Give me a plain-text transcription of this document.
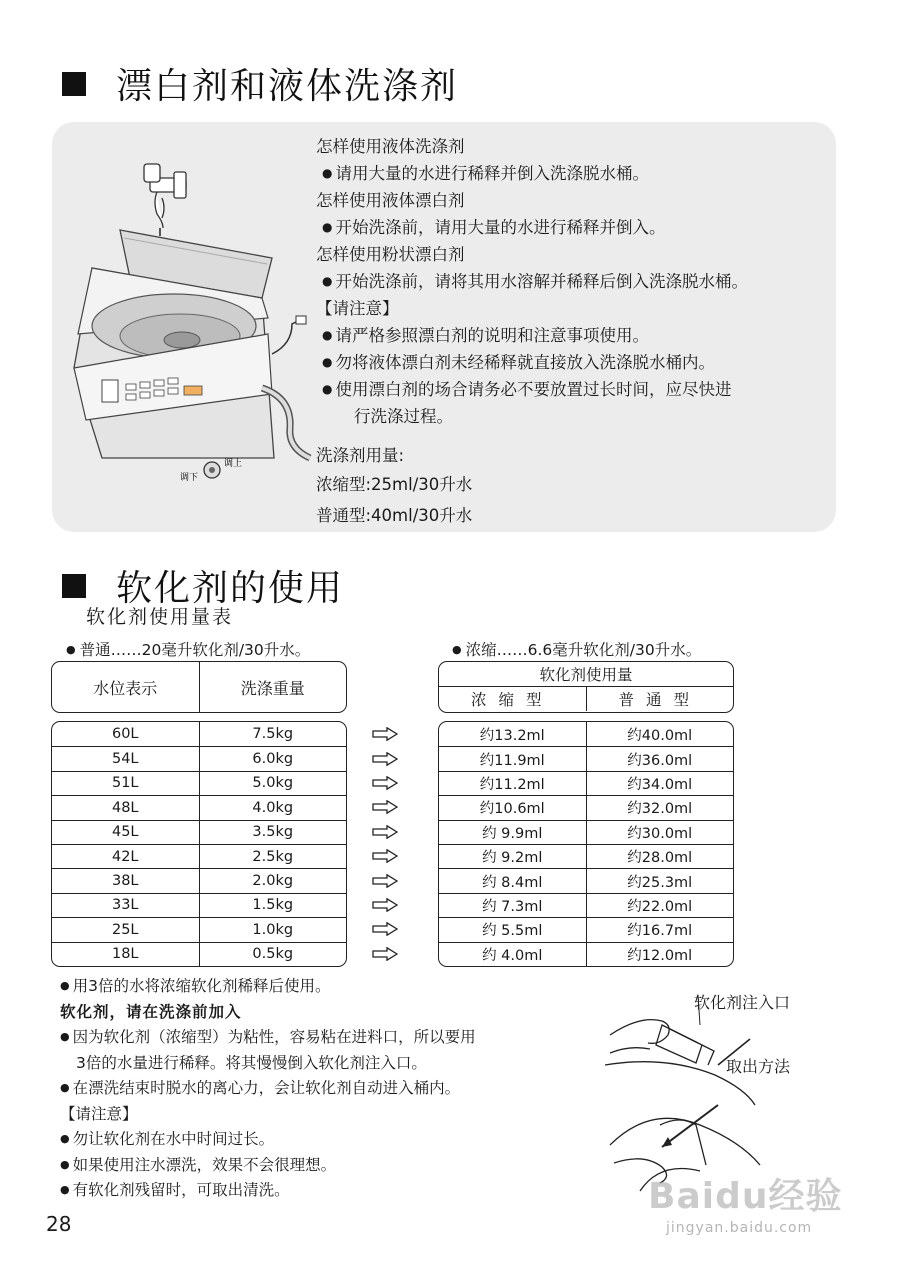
漂白剂和液体洗涤剂
调下
调上
怎样使用液体洗涤剂
● 请用大量的水进行稀释并倒入洗涤脱水桶。
怎样使用液体漂白剂
● 开始洗涤前，请用大量的水进行稀释并倒入。
怎样使用粉状漂白剂
● 开始洗涤前，请将其用水溶解并稀释后倒入洗涤脱水桶。
【请注意】
● 请严格参照漂白剂的说明和注意事项使用。
● 勿将液体漂白剂未经稀释就直接放入洗涤脱水桶内。
● 使用漂白剂的场合请务必不要放置过长时间，应尽快进
行洗涤过程。
洗涤剂用量:
浓缩型:25ml/30升水
普通型:40ml/30升水
软化剂的使用
软化剂使用量表
● 普通……20毫升软化剂/30升水。
●	浓缩……6.6毫升软化剂/30升水。
水位表示	洗涤重量
软化剂使用量
浓缩型	普通型
60L	7.5kg
54L	6.0kg
51L	5.0kg
48L	4.0kg
45L	3.5kg
42L	2.5kg
38L	2.0kg
33L	1.5kg
25L	1.0kg
18L	0.5kg
约13.2ml	约40.0ml
约11.9ml	约36.0ml
约11.2ml	约34.0ml
约10.6ml	约32.0ml
约 9.9ml	约30.0ml
约 9.2ml	约28.0ml
约 8.4ml	约25.3ml
约 7.3ml	约22.0ml
约 5.5ml	约16.7ml
约 4.0ml	约12.0ml
● 用3倍的水将浓缩软化剂稀释后使用。
软化剂，请在洗涤前加入
● 因为软化剂（浓缩型）为粘性，容易粘在进料口，所以要用
3倍的水量进行稀释。将其慢慢倒入软化剂注入口。
● 在漂洗结束时脱水的离心力，会让软化剂自动进入桶内。
【请注意】
● 勿让软化剂在水中时间过长。
● 如果使用注水漂洗，效果不会很理想。
● 有软化剂残留时，可取出清洗。
软化剂注入口
取出方法
28
Baidu经验
jingyan.baidu.com
